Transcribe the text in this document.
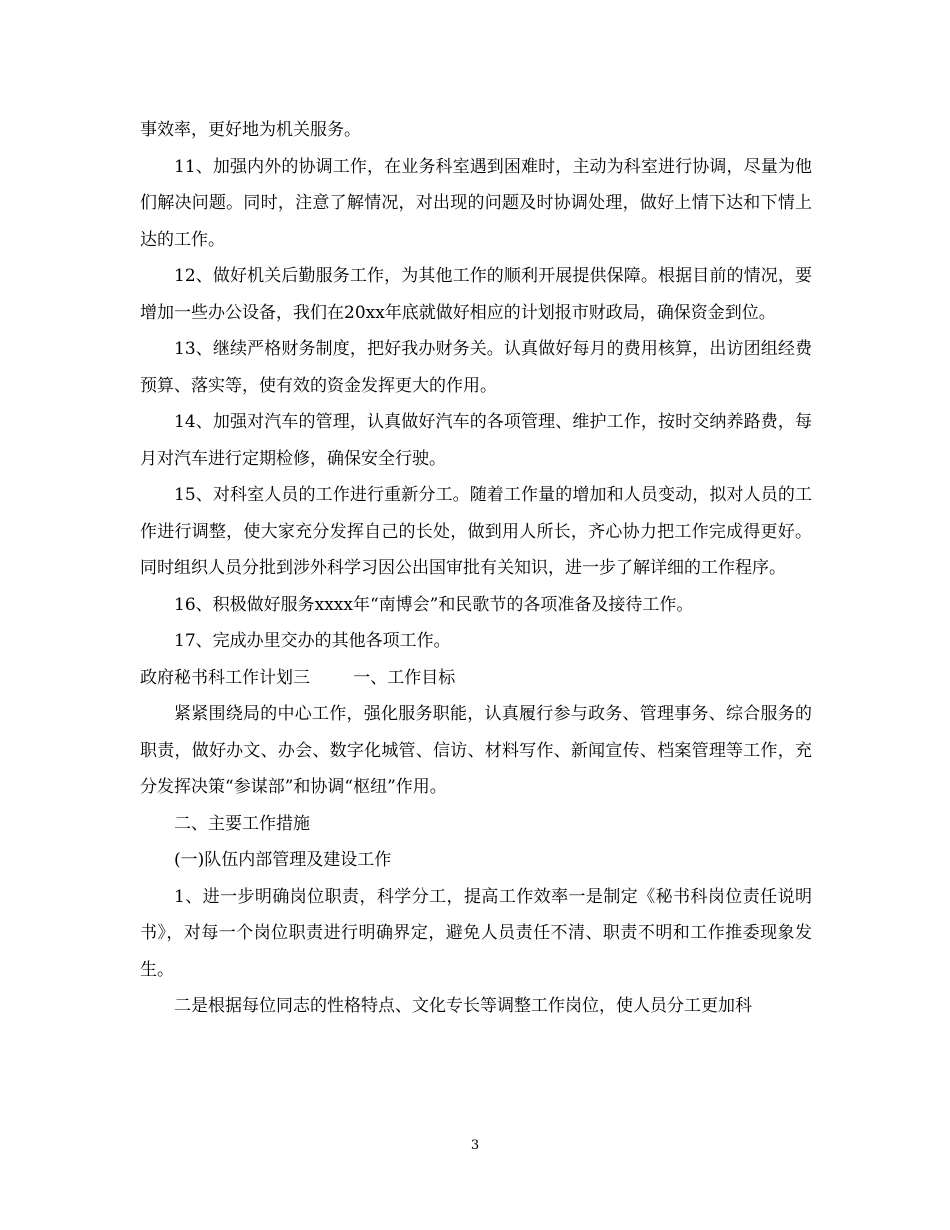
事效率，更好地为机关服务。

11、加强内外的协调工作，在业务科室遇到困难时，主动为科室进行协调，尽量为他们解决问题。同时，注意了解情况，对出现的问题及时协调处理，做好上情下达和下情上达的工作。

12、做好机关后勤服务工作，为其他工作的顺利开展提供保障。根据目前的情况，要增加一些办公设备，我们在20xx年底就做好相应的计划报市财政局，确保资金到位。

13、继续严格财务制度，把好我办财务关。认真做好每月的费用核算，出访团组经费预算、落实等，使有效的资金发挥更大的作用。

14、加强对汽车的管理，认真做好汽车的各项管理、维护工作，按时交纳养路费，每月对汽车进行定期检修，确保安全行驶。

15、对科室人员的工作进行重新分工。随着工作量的增加和人员变动，拟对人员的工作进行调整，使大家充分发挥自己的长处，做到用人所长，齐心协力把工作完成得更好。同时组织人员分批到涉外科学习因公出国审批有关知识，进一步了解详细的工作程序。

16、积极做好服务xxxx年“南博会”和民歌节的各项准备及接待工作。

17、完成办里交办的其他各项工作。

政府秘书科工作计划三	一、工作目标

紧紧围绕局的中心工作，强化服务职能，认真履行参与政务、管理事务、综合服务的职责，做好办文、办会、数字化城管、信访、材料写作、新闻宣传、档案管理等工作，充分发挥决策“参谋部”和协调“枢纽”作用。

二、主要工作措施

(一)队伍内部管理及建设工作

1、进一步明确岗位职责，科学分工，提高工作效率一是制定《秘书科岗位责任说明书》，对每一个岗位职责进行明确界定，避免人员责任不清、职责不明和工作推委现象发生。

二是根据每位同志的性格特点、文化专长等调整工作岗位，使人员分工更加科

3
